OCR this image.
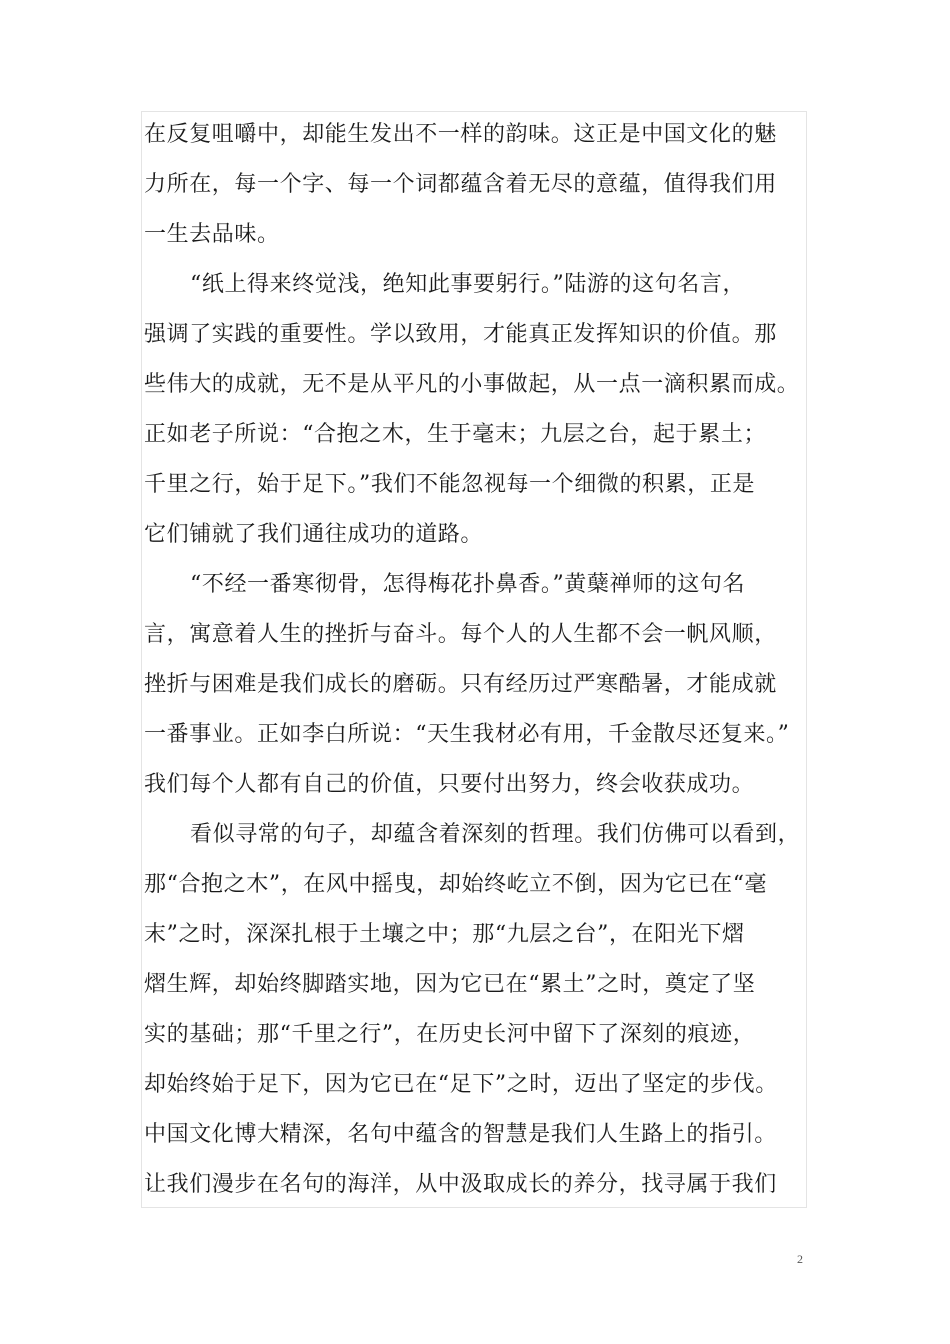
在反复咀嚼中，却能生发出不一样的韵味。这正是中国文化的魅
力所在，每一个字、每一个词都蕴含着无尽的意蕴，值得我们用
一生去品味。
“纸上得来终觉浅，绝知此事要躬行。”陆游的这句名言，
强调了实践的重要性。学以致用，才能真正发挥知识的价值。那
些伟大的成就，无不是从平凡的小事做起，从一点一滴积累而成。
正如老子所说：“合抱之木，生于毫末；九层之台，起于累土；
千里之行，始于足下。”我们不能忽视每一个细微的积累，正是
它们铺就了我们通往成功的道路。
“不经一番寒彻骨，怎得梅花扑鼻香。”黄蘖禅师的这句名
言，寓意着人生的挫折与奋斗。每个人的人生都不会一帆风顺，
挫折与困难是我们成长的磨砺。只有经历过严寒酷暑，才能成就
一番事业。正如李白所说：“天生我材必有用，千金散尽还复来。”
我们每个人都有自己的价值，只要付出努力，终会收获成功。
看似寻常的句子，却蕴含着深刻的哲理。我们仿佛可以看到，
那“合抱之木”，在风中摇曳，却始终屹立不倒，因为它已在“毫
末”之时，深深扎根于土壤之中；那“九层之台”，在阳光下熠
熠生辉，却始终脚踏实地，因为它已在“累土”之时，奠定了坚
实的基础；那“千里之行”，在历史长河中留下了深刻的痕迹，
却始终始于足下，因为它已在“足下”之时，迈出了坚定的步伐。
中国文化博大精深，名句中蕴含的智慧是我们人生路上的指引。
让我们漫步在名句的海洋，从中汲取成长的养分，找寻属于我们
2
